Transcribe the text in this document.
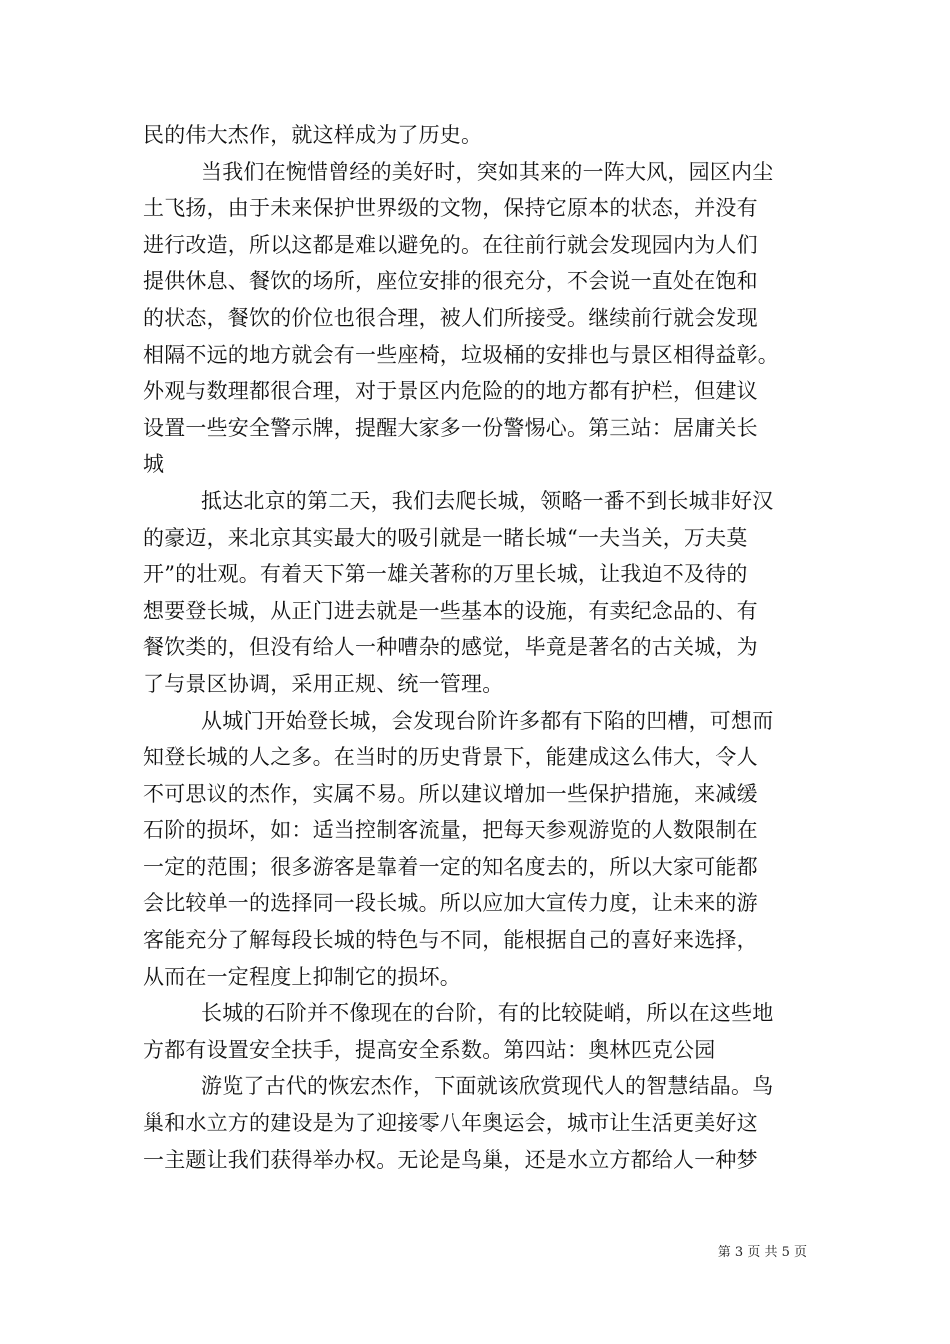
民的伟大杰作，就这样成为了历史。
当我们在惋惜曾经的美好时，突如其来的一阵大风，园区内尘
土飞扬，由于未来保护世界级的文物，保持它原本的状态，并没有
进行改造，所以这都是难以避免的。在往前行就会发现园内为人们
提供休息、餐饮的场所，座位安排的很充分，不会说一直处在饱和
的状态，餐饮的价位也很合理，被人们所接受。继续前行就会发现
相隔不远的地方就会有一些座椅，垃圾桶的安排也与景区相得益彰。
外观与数理都很合理，对于景区内危险的的地方都有护栏，但建议
设置一些安全警示牌，提醒大家多一份警惕心。第三站：居庸关长
城
抵达北京的第二天，我们去爬长城，领略一番不到长城非好汉
的豪迈，来北京其实最大的吸引就是一睹长城“一夫当关，万夫莫
开”的壮观。有着天下第一雄关著称的万里长城，让我迫不及待的
想要登长城，从正门进去就是一些基本的设施，有卖纪念品的、有
餐饮类的，但没有给人一种嘈杂的感觉，毕竟是著名的古关城，为
了与景区协调，采用正规、统一管理。
从城门开始登长城，会发现台阶许多都有下陷的凹槽，可想而
知登长城的人之多。在当时的历史背景下，能建成这么伟大，令人
不可思议的杰作，实属不易。所以建议增加一些保护措施，来减缓
石阶的损坏，如：适当控制客流量，把每天参观游览的人数限制在
一定的范围；很多游客是靠着一定的知名度去的，所以大家可能都
会比较单一的选择同一段长城。所以应加大宣传力度，让未来的游
客能充分了解每段长城的特色与不同，能根据自己的喜好来选择，
从而在一定程度上抑制它的损坏。
长城的石阶并不像现在的台阶，有的比较陡峭，所以在这些地
方都有设置安全扶手，提高安全系数。第四站：奥林匹克公园
游览了古代的恢宏杰作，下面就该欣赏现代人的智慧结晶。鸟
巢和水立方的建设是为了迎接零八年奥运会，城市让生活更美好这
一主题让我们获得举办权。无论是鸟巢，还是水立方都给人一种梦
第 3 页 共 5 页
